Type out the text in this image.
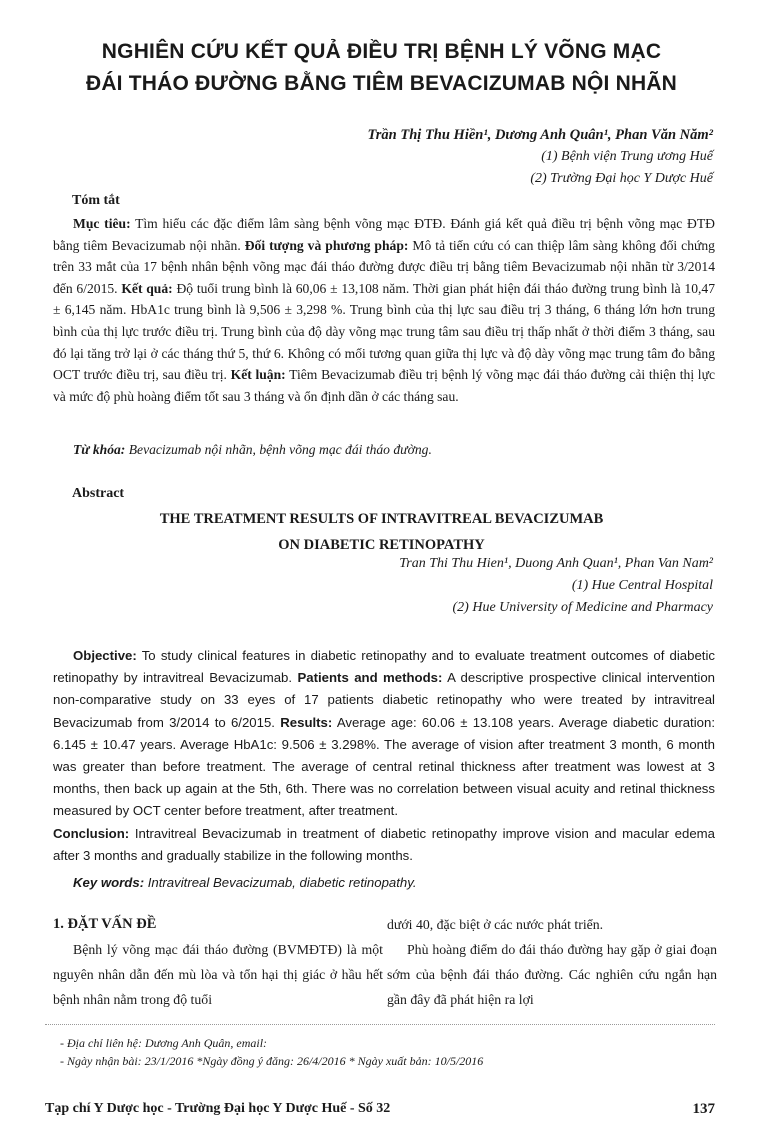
NGHIÊN CỨU KẾT QUẢ ĐIỀU TRỊ BỆNH LÝ VÕNG MẠC
ĐÁI THÁO ĐƯỜNG BẰNG TIÊM BEVACIZUMAB NỘI NHÃN
Trần Thị Thu Hiền¹, Dương Anh Quân¹, Phan Văn Năm²
(1) Bệnh viện Trung ương Huế
(2) Trường Đại học Y Dược Huế
Tóm tắt

Mục tiêu: Tìm hiểu các đặc điểm lâm sàng bệnh võng mạc ĐTĐ. Đánh giá kết quả điều trị bệnh võng mạc ĐTĐ bằng tiêm Bevacizumab nội nhãn. Đối tượng và phương pháp: Mô tả tiến cứu có can thiệp lâm sàng không đối chứng trên 33 mắt của 17 bệnh nhân bệnh võng mạc đái tháo đường được điều trị bằng tiêm Bevacizumab nội nhãn từ 3/2014 đến 6/2015. Kết quả: Độ tuổi trung bình là 60,06 ± 13,108 năm. Thời gian phát hiện đái tháo đường trung bình là 10,47 ± 6,145 năm. HbA1c trung bình là 9,506 ± 3,298 %. Trung bình của thị lực sau điều trị 3 tháng, 6 tháng lớn hơn trung bình của thị lực trước điều trị. Trung bình của độ dày võng mạc trung tâm sau điều trị thấp nhất ở thời điểm 3 tháng, sau đó lại tăng trở lại ở các tháng thứ 5, thứ 6. Không có mối tương quan giữa thị lực và độ dày võng mạc trung tâm đo bằng OCT trước điều trị, sau điều trị. Kết luận: Tiêm Bevacizumab điều trị bệnh lý võng mạc đái tháo đường cải thiện thị lực và mức độ phù hoàng điểm tốt sau 3 tháng và ổn định dần ở các tháng sau.

Từ khóa: Bevacizumab nội nhãn, bệnh võng mạc đái tháo đường.
Abstract
THE TREATMENT RESULTS OF INTRAVITREAL BEVACIZUMAB
ON DIABETIC RETINOPATHY
Tran Thi Thu Hien¹, Duong Anh Quan¹, Phan Van Nam²
(1) Hue Central Hospital
(2) Hue University of Medicine and Pharmacy

Objective: To study clinical features in diabetic retinopathy and to evaluate treatment outcomes of diabetic retinopathy by intravitreal Bevacizumab. Patients and methods: A descriptive prospective clinical intervention non-comparative study on 33 eyes of 17 patients diabetic retinopathy who were treated by intravitreal Bevacizumab from 3/2014 to 6/2015. Results: Average age: 60.06 ± 13.108 years. Average diabetic duration: 6.145 ± 10.47 years. Average HbA1c: 9.506 ± 3.298%. The average of vision after treatment 3 month, 6 month was greater than before treatment. The average of central retinal thickness after treatment was lowest at 3 months, then back up again at the 5th, 6th. There was no correlation between visual acuity and retinal thickness measured by OCT center before treatment, after treatment.

Conclusion: Intravitreal Bevacizumab in treatment of diabetic retinopathy improve vision and macular edema after 3 months and gradually stabilize in the following months.

Key words: Intravitreal Bevacizumab, diabetic retinopathy.

1. ĐẶT VẤN ĐỀ

Bệnh lý võng mạc đái tháo đường (BVMĐTĐ) là một nguyên nhân dẫn đến mù lòa và tổn hại thị giác ở hầu hết bệnh nhân nằm trong độ tuổi

dưới 40, đặc biệt ở các nước phát triển.

Phù hoàng điểm do đái tháo đường hay gặp ở giai đoạn sớm của bệnh đái tháo đường. Các nghiên cứu ngắn hạn gần đây đã phát hiện ra lợi

- Địa chỉ liên hệ: Dương Anh Quân, email:
- Ngày nhận bài: 23/1/2016 *Ngày đồng ý đăng: 26/4/2016 * Ngày xuất bản: 10/5/2016
Tạp chí Y Dược học - Trường Đại học Y Dược Huế - Số 32	137
